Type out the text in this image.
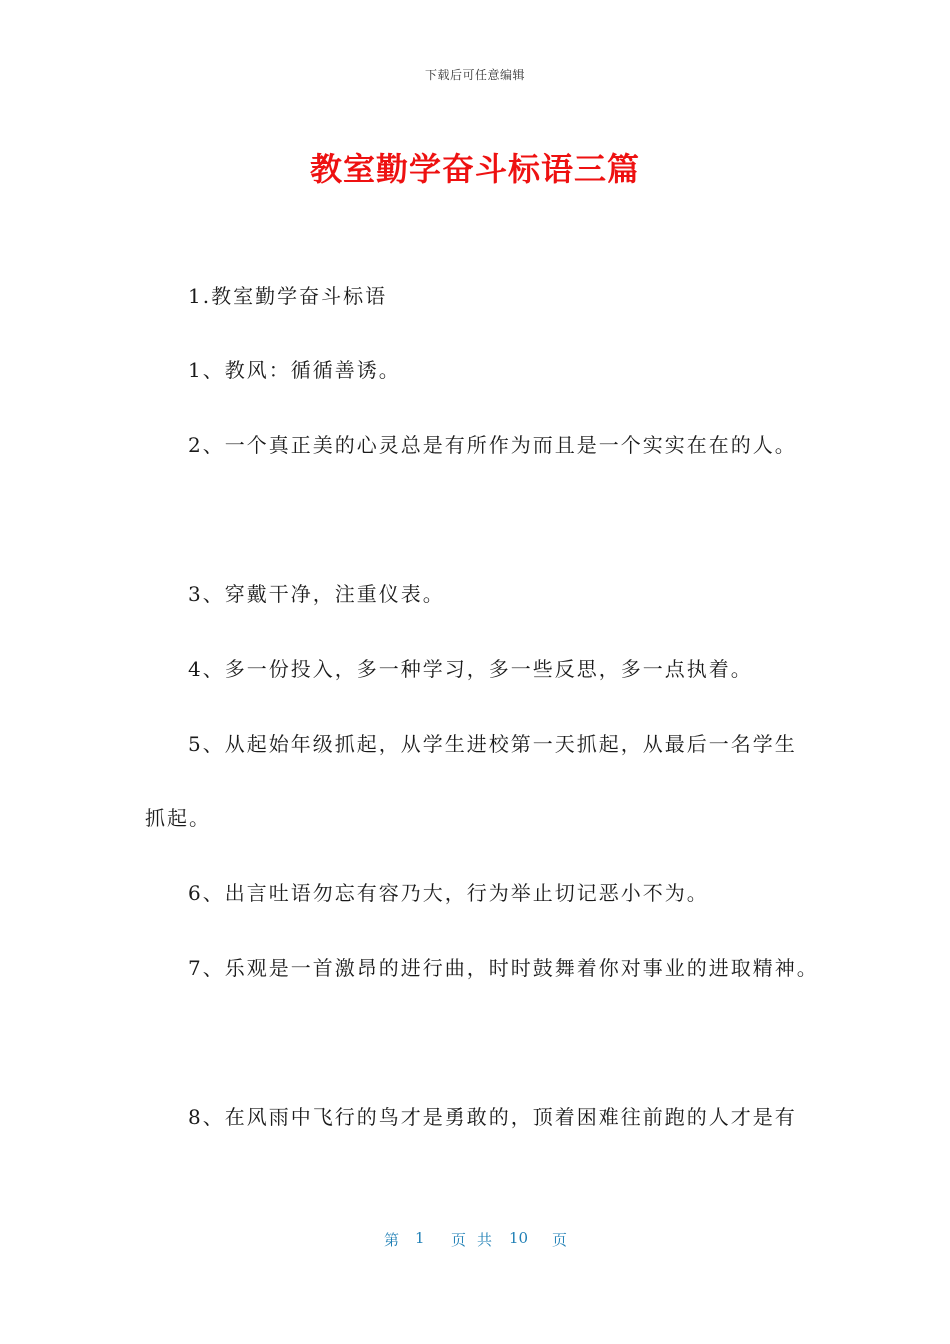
下载后可任意编辑
教室勤学奋斗标语三篇
1.教室勤学奋斗标语
1、教风：循循善诱。
2、一个真正美的心灵总是有所作为而且是一个实实在在的人。
3、穿戴干净，注重仪表。
4、多一份投入，多一种学习，多一些反思，多一点执着。
5、从起始年级抓起，从学生进校第一天抓起，从最后一名学生
抓起。
6、出言吐语勿忘有容乃大，行为举止切记恶小不为。
7、乐观是一首激昂的进行曲，时时鼓舞着你对事业的进取精神。
8、在风雨中飞行的鸟才是勇敢的，顶着困难往前跑的人才是有
第 1 页 共 10 页
